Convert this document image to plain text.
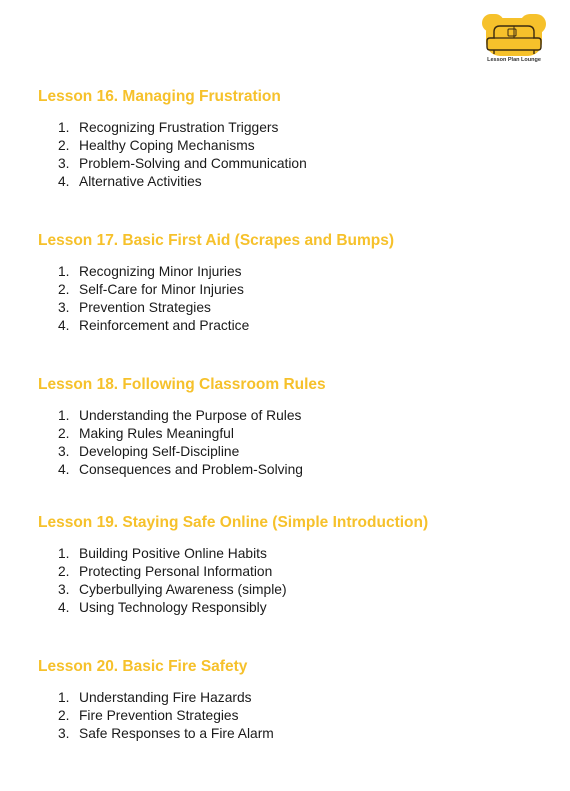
Lesson Plan Lounge
Lesson 16. Managing Frustration
1. Recognizing Frustration Triggers
2. Healthy Coping Mechanisms
3. Problem-Solving and Communication
4. Alternative Activities
Lesson 17. Basic First Aid (Scrapes and Bumps)
1. Recognizing Minor Injuries
2. Self-Care for Minor Injuries
3. Prevention Strategies
4. Reinforcement and Practice
Lesson 18. Following Classroom Rules
1. Understanding the Purpose of Rules
2. Making Rules Meaningful
3. Developing Self-Discipline
4. Consequences and Problem-Solving
Lesson 19. Staying Safe Online (Simple Introduction)
1. Building Positive Online Habits
2. Protecting Personal Information
3. Cyberbullying Awareness (simple)
4. Using Technology Responsibly
Lesson 20. Basic Fire Safety
1. Understanding Fire Hazards
2. Fire Prevention Strategies
3. Safe Responses to a Fire Alarm
